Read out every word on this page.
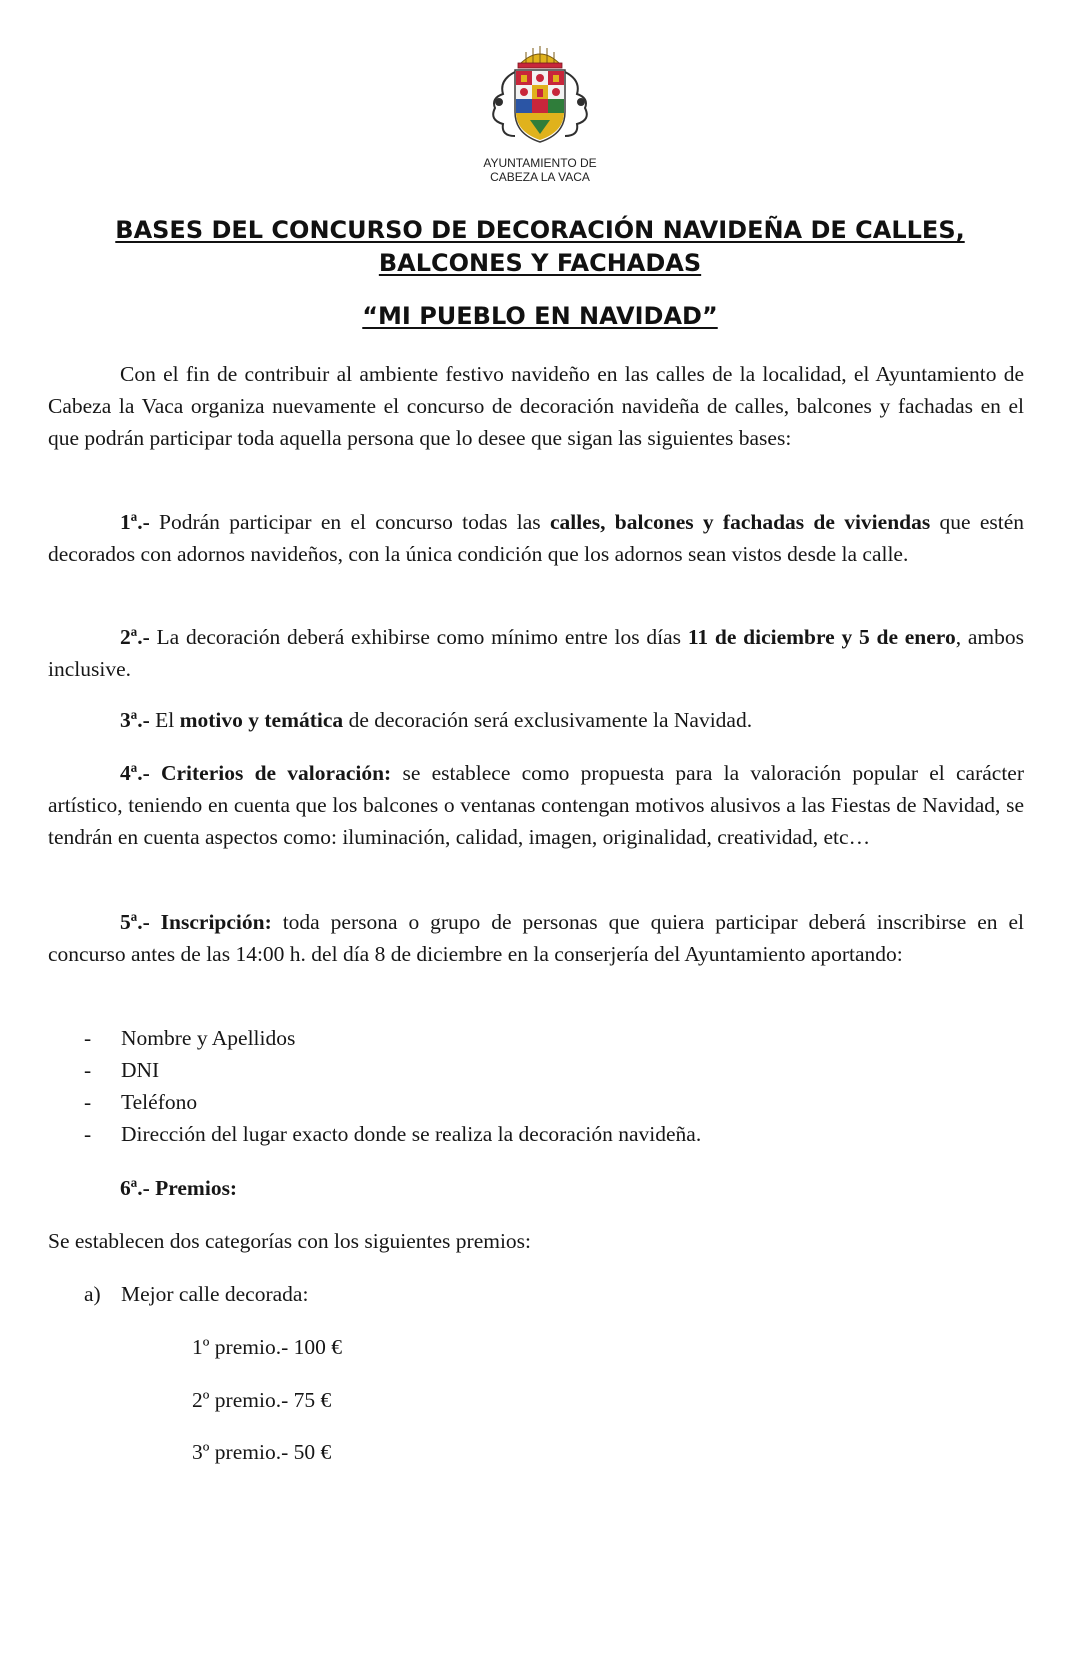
AYUNTAMIENTO DE
CABEZA LA VACA
BASES DEL CONCURSO DE DECORACIÓN NAVIDEÑA DE CALLES,
BALCONES Y FACHADAS
“MI PUEBLO EN NAVIDAD”

Con el fin de contribuir al ambiente festivo navideño en las calles de la localidad, el Ayuntamiento de Cabeza la Vaca organiza nuevamente el concurso de decoración navideña de calles, balcones y fachadas en el que podrán participar toda aquella persona que lo desee que sigan las siguientes bases:

1ª.- Podrán participar en el concurso todas las calles, balcones y fachadas de viviendas que estén decorados con adornos navideños, con la única condición que los adornos sean vistos desde la calle.

2ª.- La decoración deberá exhibirse como mínimo entre los días 11 de diciembre y 5 de enero, ambos inclusive.

3ª.- El motivo y temática de decoración será exclusivamente la Navidad.

4ª.- Criterios de valoración: se establece como propuesta para la valoración popular el carácter artístico, teniendo en cuenta que los balcones o ventanas contengan motivos alusivos a las Fiestas de Navidad, se tendrán en cuenta aspectos como: iluminación, calidad, imagen, originalidad, creatividad, etc…

5ª.- Inscripción: toda persona o grupo de personas que quiera participar deberá inscribirse en el concurso antes de las 14:00 h. del día 8 de diciembre en la conserjería del Ayuntamiento aportando:

- Nombre y Apellidos
- DNI
- Teléfono
- Dirección del lugar exacto donde se realiza la decoración navideña.
6ª.- Premios:
Se establecen dos categorías con los siguientes premios:
a) Mejor calle decorada:
1º premio.- 100 €
2º premio.- 75 €
3º premio.- 50 €
